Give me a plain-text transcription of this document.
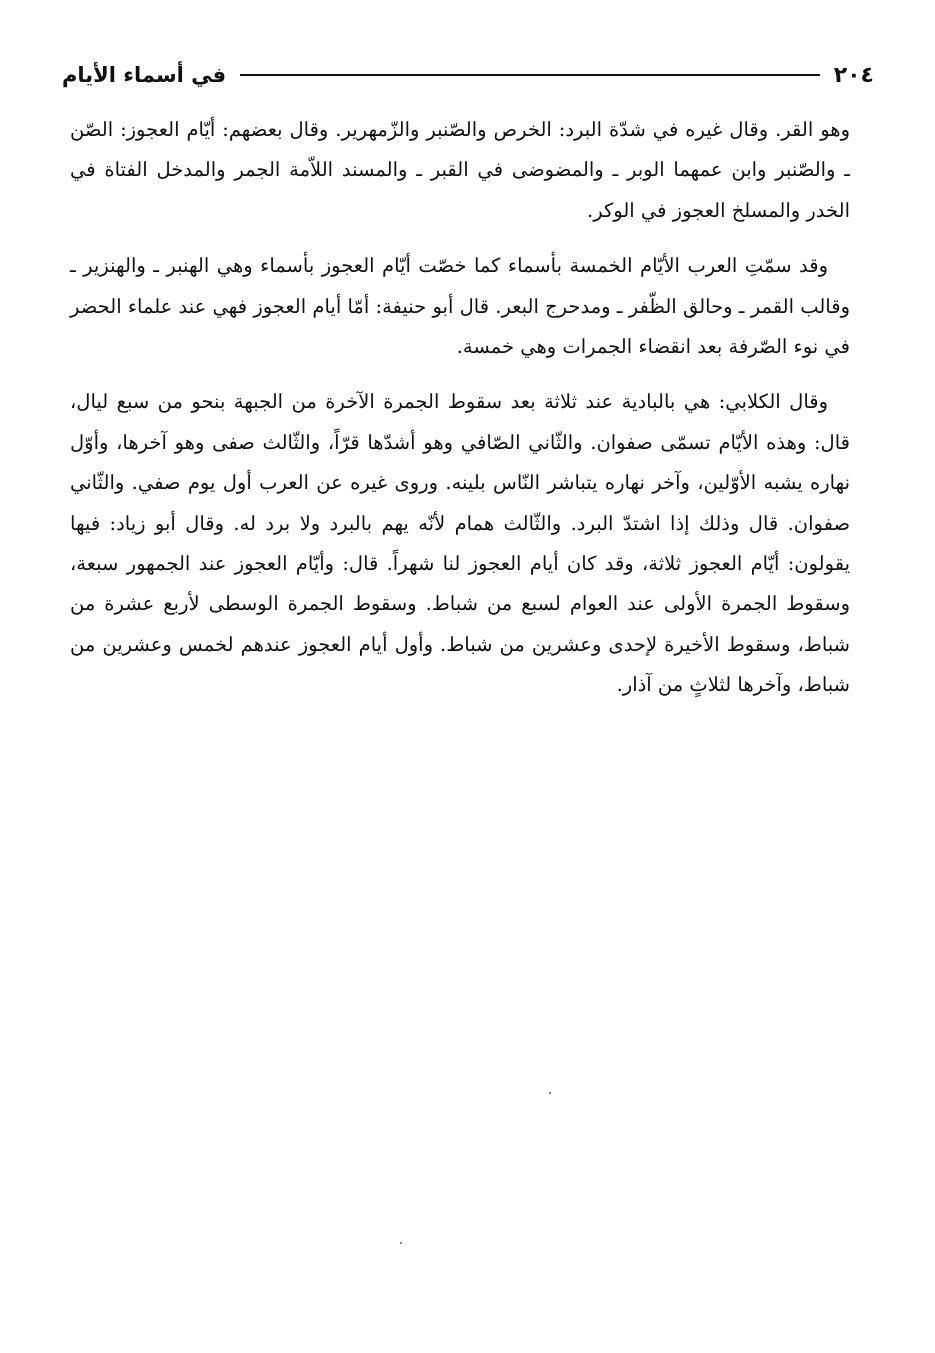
في أسماء الأيام	٢٠٤

وهو القر. وقال غيره في شدّة البرد: الخرص والصّنبر والزّمهرير. وقال بعضهم: أيّام العجوز: الصّن ـ والصّنبر وابن عمهما الوبر ـ والمضوضى في القبر ـ والمسند اللاّمة الجمر والمدخل الفتاة في الخدر والمسلخ العجوز في الوكر.

وقد سمّتِ العرب الأيّام الخمسة بأسماء كما خصّت أيّام العجوز بأسماء وهي الهنبر ـ والهنزير ـ وقالب القمر ـ وحالق الظّفر ـ ومدحرج البعر. قال أبو حنيفة: أمّا أيام العجوز فهي عند علماء الحضر في نوء الصّرفة بعد انقضاء الجمرات وهي خمسة.

وقال الكلابي: هي بالبادية عند ثلاثة بعد سقوط الجمرة الآخرة من الجبهة بنحو من سبع ليال، قال: وهذه الأيّام تسمّى صفوان. والثّاني الصّافي وهو أشدّها قرّاً، والثّالث صفى وهو آخرها، وأوّل نهاره يشبه الأوّلين، وآخر نهاره يتباشر النّاس بلينه. وروى غيره عن العرب أول يوم صفي. والثّاني صفوان. قال وذلك إذا اشتدّ البرد. والثّالث همام لأنّه يهم بالبرد ولا برد له. وقال أبو زياد: فيها يقولون: أيّام العجوز ثلاثة، وقد كان أيام العجوز لنا شهراً. قال: وأيّام العجوز عند الجمهور سبعة، وسقوط الجمرة الأولى عند العوام لسبع من شباط. وسقوط الجمرة الوسطى لأربع عشرة من شباط، وسقوط الأخيرة لإحدى وعشرين من شباط. وأول أيام العجوز عندهم لخمس وعشرين من شباط، وآخرها لثلاثٍ من آذار.
